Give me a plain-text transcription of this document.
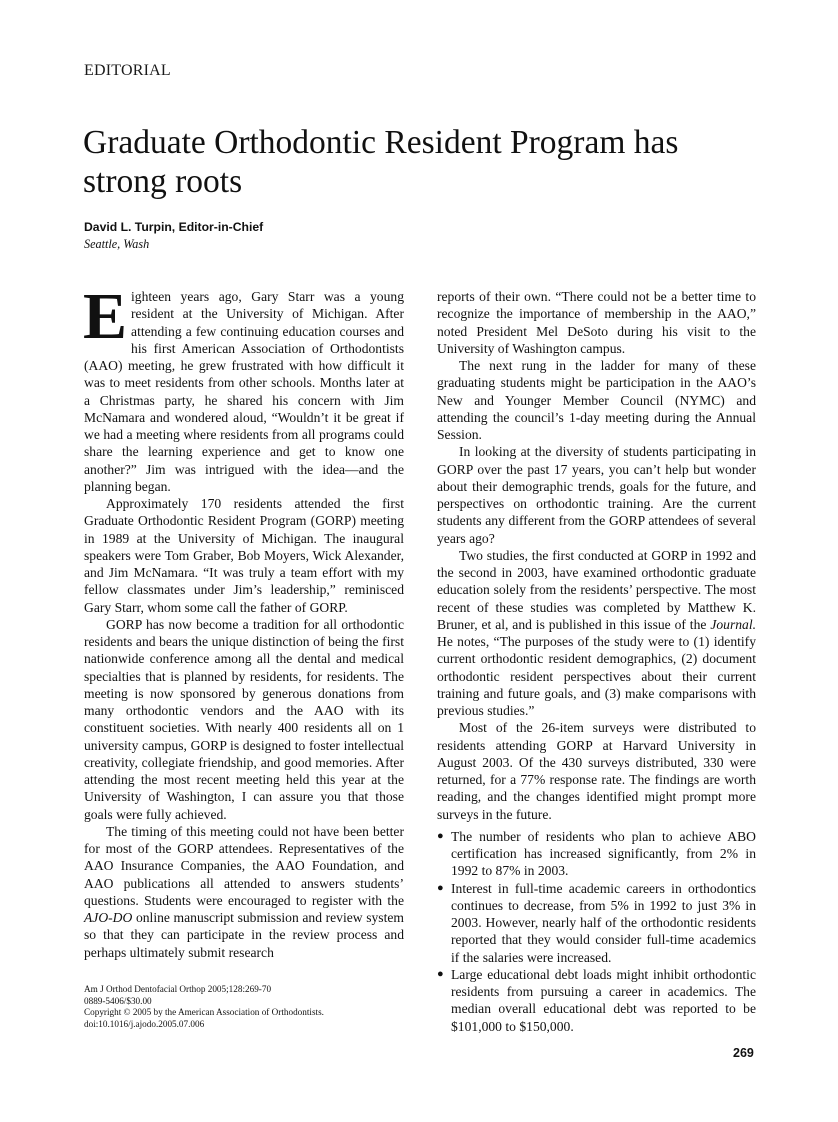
EDITORIAL
Graduate Orthodontic Resident Program has strong roots
David L. Turpin, Editor-in-Chief
Seattle, Wash

Eighteen years ago, Gary Starr was a young resident at the University of Michigan. After attending a few continuing education courses and his first American Association of Orthodontists (AAO) meeting, he grew frustrated with how difficult it was to meet residents from other schools. Months later at a Christmas party, he shared his concern with Jim McNamara and wondered aloud, “Wouldn’t it be great if we had a meeting where residents from all programs could share the learning experience and get to know one another?” Jim was intrigued with the idea—and the planning began.

Approximately 170 residents attended the first Graduate Orthodontic Resident Program (GORP) meeting in 1989 at the University of Michigan. The inaugural speakers were Tom Graber, Bob Moyers, Wick Alexander, and Jim McNamara. “It was truly a team effort with my fellow classmates under Jim’s leadership,” reminisced Gary Starr, whom some call the father of GORP.

GORP has now become a tradition for all orthodontic residents and bears the unique distinction of being the first nationwide conference among all the dental and medical specialties that is planned by residents, for residents. The meeting is now sponsored by generous donations from many orthodontic vendors and the AAO with its constituent societies. With nearly 400 residents all on 1 university campus, GORP is designed to foster intellectual creativity, collegiate friendship, and good memories. After attending the most recent meeting held this year at the University of Washington, I can assure you that those goals were fully achieved.

The timing of this meeting could not have been better for most of the GORP attendees. Representatives of the AAO Insurance Companies, the AAO Foundation, and AAO publications all attended to answers students’ questions. Students were encouraged to register with the AJO-DO online manuscript submission and review system so that they can participate in the review process and perhaps ultimately submit research

Am J Orthod Dentofacial Orthop 2005;128:269-70
0889-5406/$30.00
Copyright © 2005 by the American Association of Orthodontists.
doi:10.1016/j.ajodo.2005.07.006

reports of their own. “There could not be a better time to recognize the importance of membership in the AAO,” noted President Mel DeSoto during his visit to the University of Washington campus.

The next rung in the ladder for many of these graduating students might be participation in the AAO’s New and Younger Member Council (NYMC) and attending the council’s 1-day meeting during the Annual Session.

In looking at the diversity of students participating in GORP over the past 17 years, you can’t help but wonder about their demographic trends, goals for the future, and perspectives on orthodontic training. Are the current students any different from the GORP attendees of several years ago?

Two studies, the first conducted at GORP in 1992 and the second in 2003, have examined orthodontic graduate education solely from the residents’ perspective. The most recent of these studies was completed by Matthew K. Bruner, et al, and is published in this issue of the Journal. He notes, “The purposes of the study were to (1) identify current orthodontic resident demographics, (2) document orthodontic resident perspectives about their current training and future goals, and (3) make comparisons with previous studies.”

Most of the 26-item surveys were distributed to residents attending GORP at Harvard University in August 2003. Of the 430 surveys distributed, 330 were returned, for a 77% response rate. The findings are worth reading, and the changes identified might prompt more surveys in the future.

● The number of residents who plan to achieve ABO certification has increased significantly, from 2% in 1992 to 87% in 2003.
● Interest in full-time academic careers in orthodontics continues to decrease, from 5% in 1992 to just 3% in 2003. However, nearly half of the orthodontic residents reported that they would consider full-time academics if the salaries were increased.
● Large educational debt loads might inhibit orthodontic residents from pursuing a career in academics. The median overall educational debt was reported to be $101,000 to $150,000.
269
